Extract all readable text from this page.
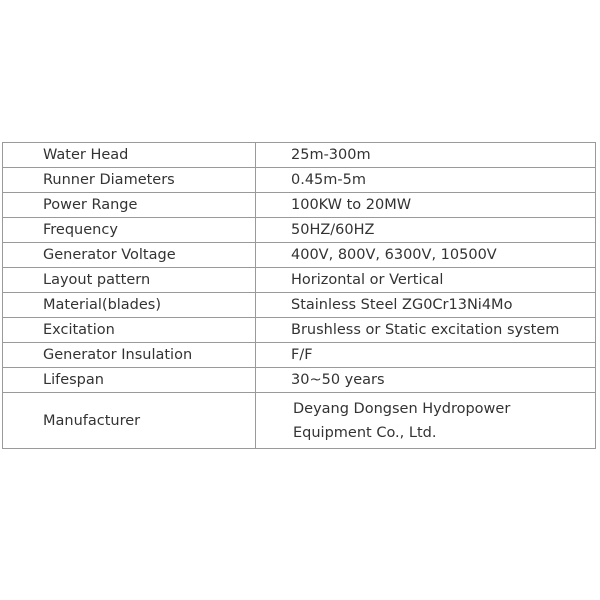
Water Head	25m-300m
Runner Diameters	0.45m-5m
Power Range	100KW to 20MW
Frequency	50HZ/60HZ
Generator Voltage	400V, 800V, 6300V, 10500V
Layout pattern	Horizontal or Vertical
Material(blades)	Stainless Steel ZG0Cr13Ni4Mo
Excitation	Brushless or Static excitation system
Generator Insulation	F/F
Lifespan	30~50 years
Manufacturer	Deyang Dongsen Hydropower Equipment Co., Ltd.
